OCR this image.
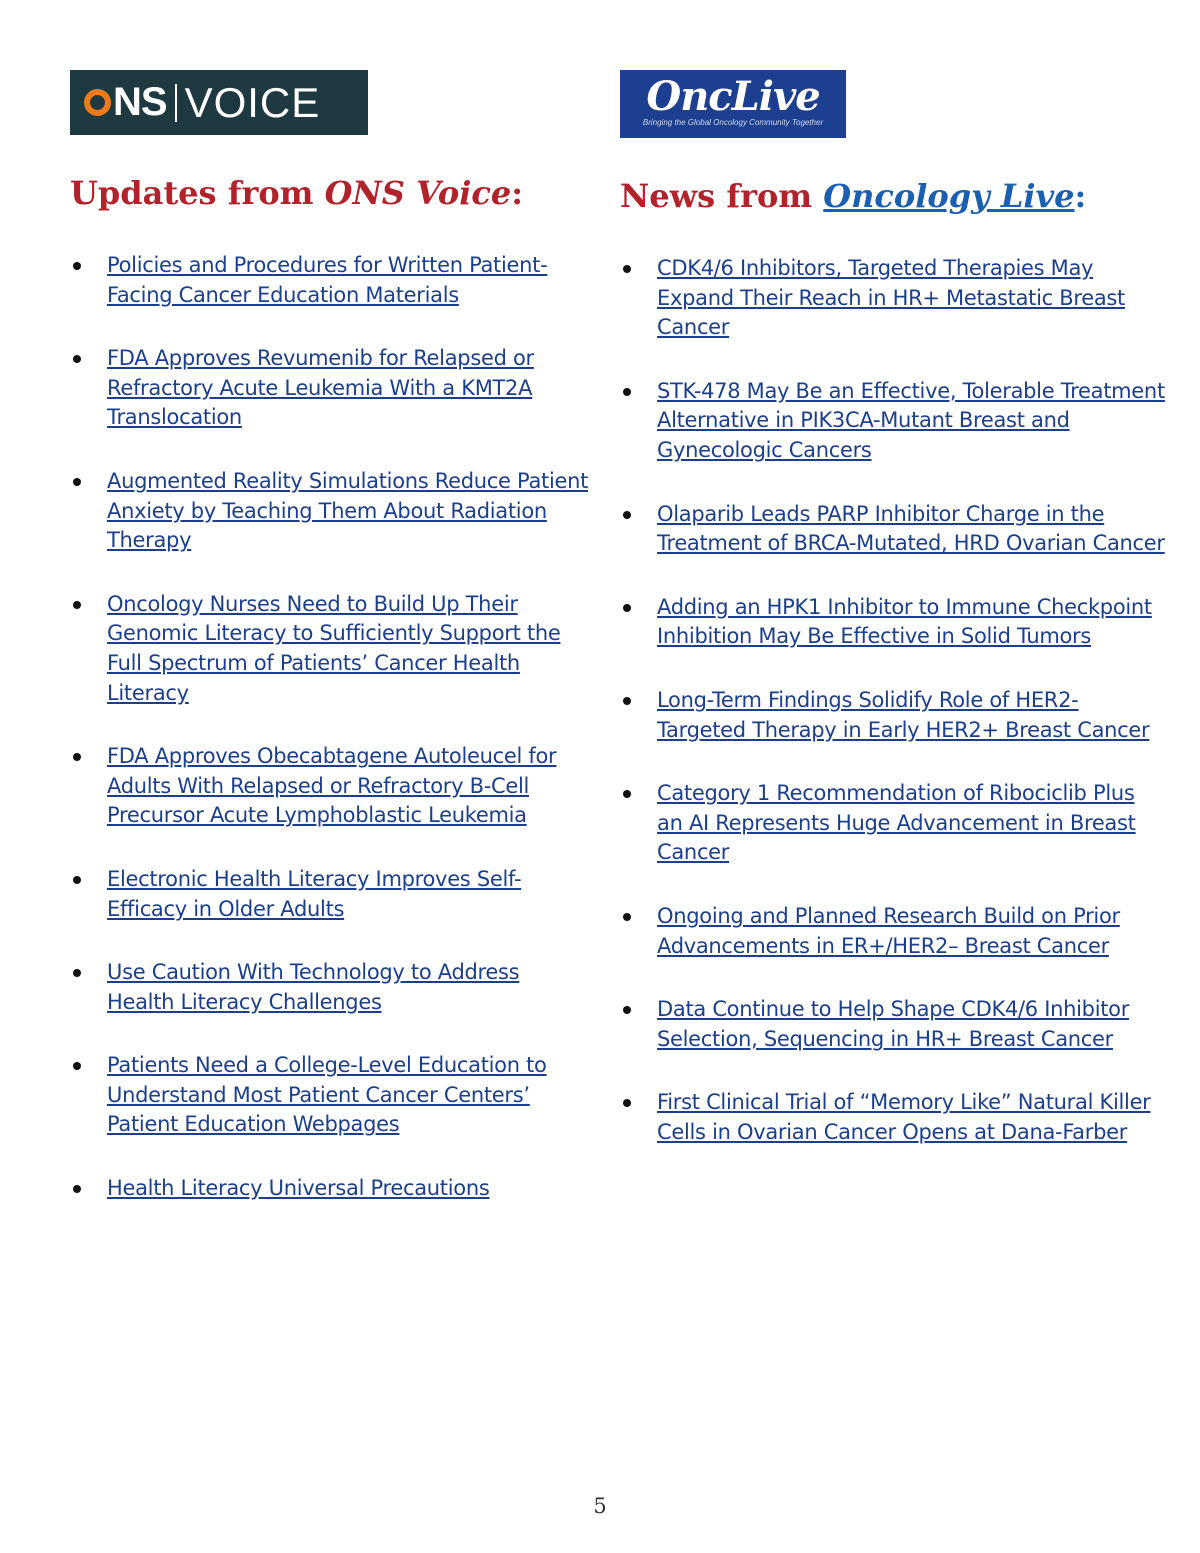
NS VOICE
Updates from ONS Voice:
Policies and Procedures for Written Patient-Facing Cancer Education Materials
FDA Approves Revumenib for Relapsed or Refractory Acute Leukemia With a KMT2A Translocation
Augmented Reality Simulations Reduce Patient Anxiety by Teaching Them About Radiation Therapy
Oncology Nurses Need to Build Up Their Genomic Literacy to Sufficiently Support the Full Spectrum of Patients’ Cancer Health Literacy
FDA Approves Obecabtagene Autoleucel for Adults With Relapsed or Refractory B-Cell Precursor Acute Lymphoblastic Leukemia
Electronic Health Literacy Improves Self-Efficacy in Older Adults
Use Caution With Technology to Address Health Literacy Challenges
Patients Need a College-Level Education to Understand Most Patient Cancer Centers’ Patient Education Webpages
Health Literacy Universal Precautions
OncLive
Bringing the Global Oncology Community Together
News from Oncology Live:
CDK4/6 Inhibitors, Targeted Therapies May Expand Their Reach in HR+ Metastatic Breast Cancer
STK-478 May Be an Effective, Tolerable Treatment Alternative in PIK3CA-Mutant Breast and Gynecologic Cancers
Olaparib Leads PARP Inhibitor Charge in the Treatment of BRCA-Mutated, HRD Ovarian Cancer
Adding an HPK1 Inhibitor to Immune Checkpoint Inhibition May Be Effective in Solid Tumors
Long-Term Findings Solidify Role of HER2-Targeted Therapy in Early HER2+ Breast Cancer
Category 1 Recommendation of Ribociclib Plus an AI Represents Huge Advancement in Breast Cancer
Ongoing and Planned Research Build on Prior Advancements in ER+/HER2– Breast Cancer
Data Continue to Help Shape CDK4/6 Inhibitor Selection, Sequencing in HR+ Breast Cancer
First Clinical Trial of “Memory Like” Natural Killer Cells in Ovarian Cancer Opens at Dana-Farber
5
